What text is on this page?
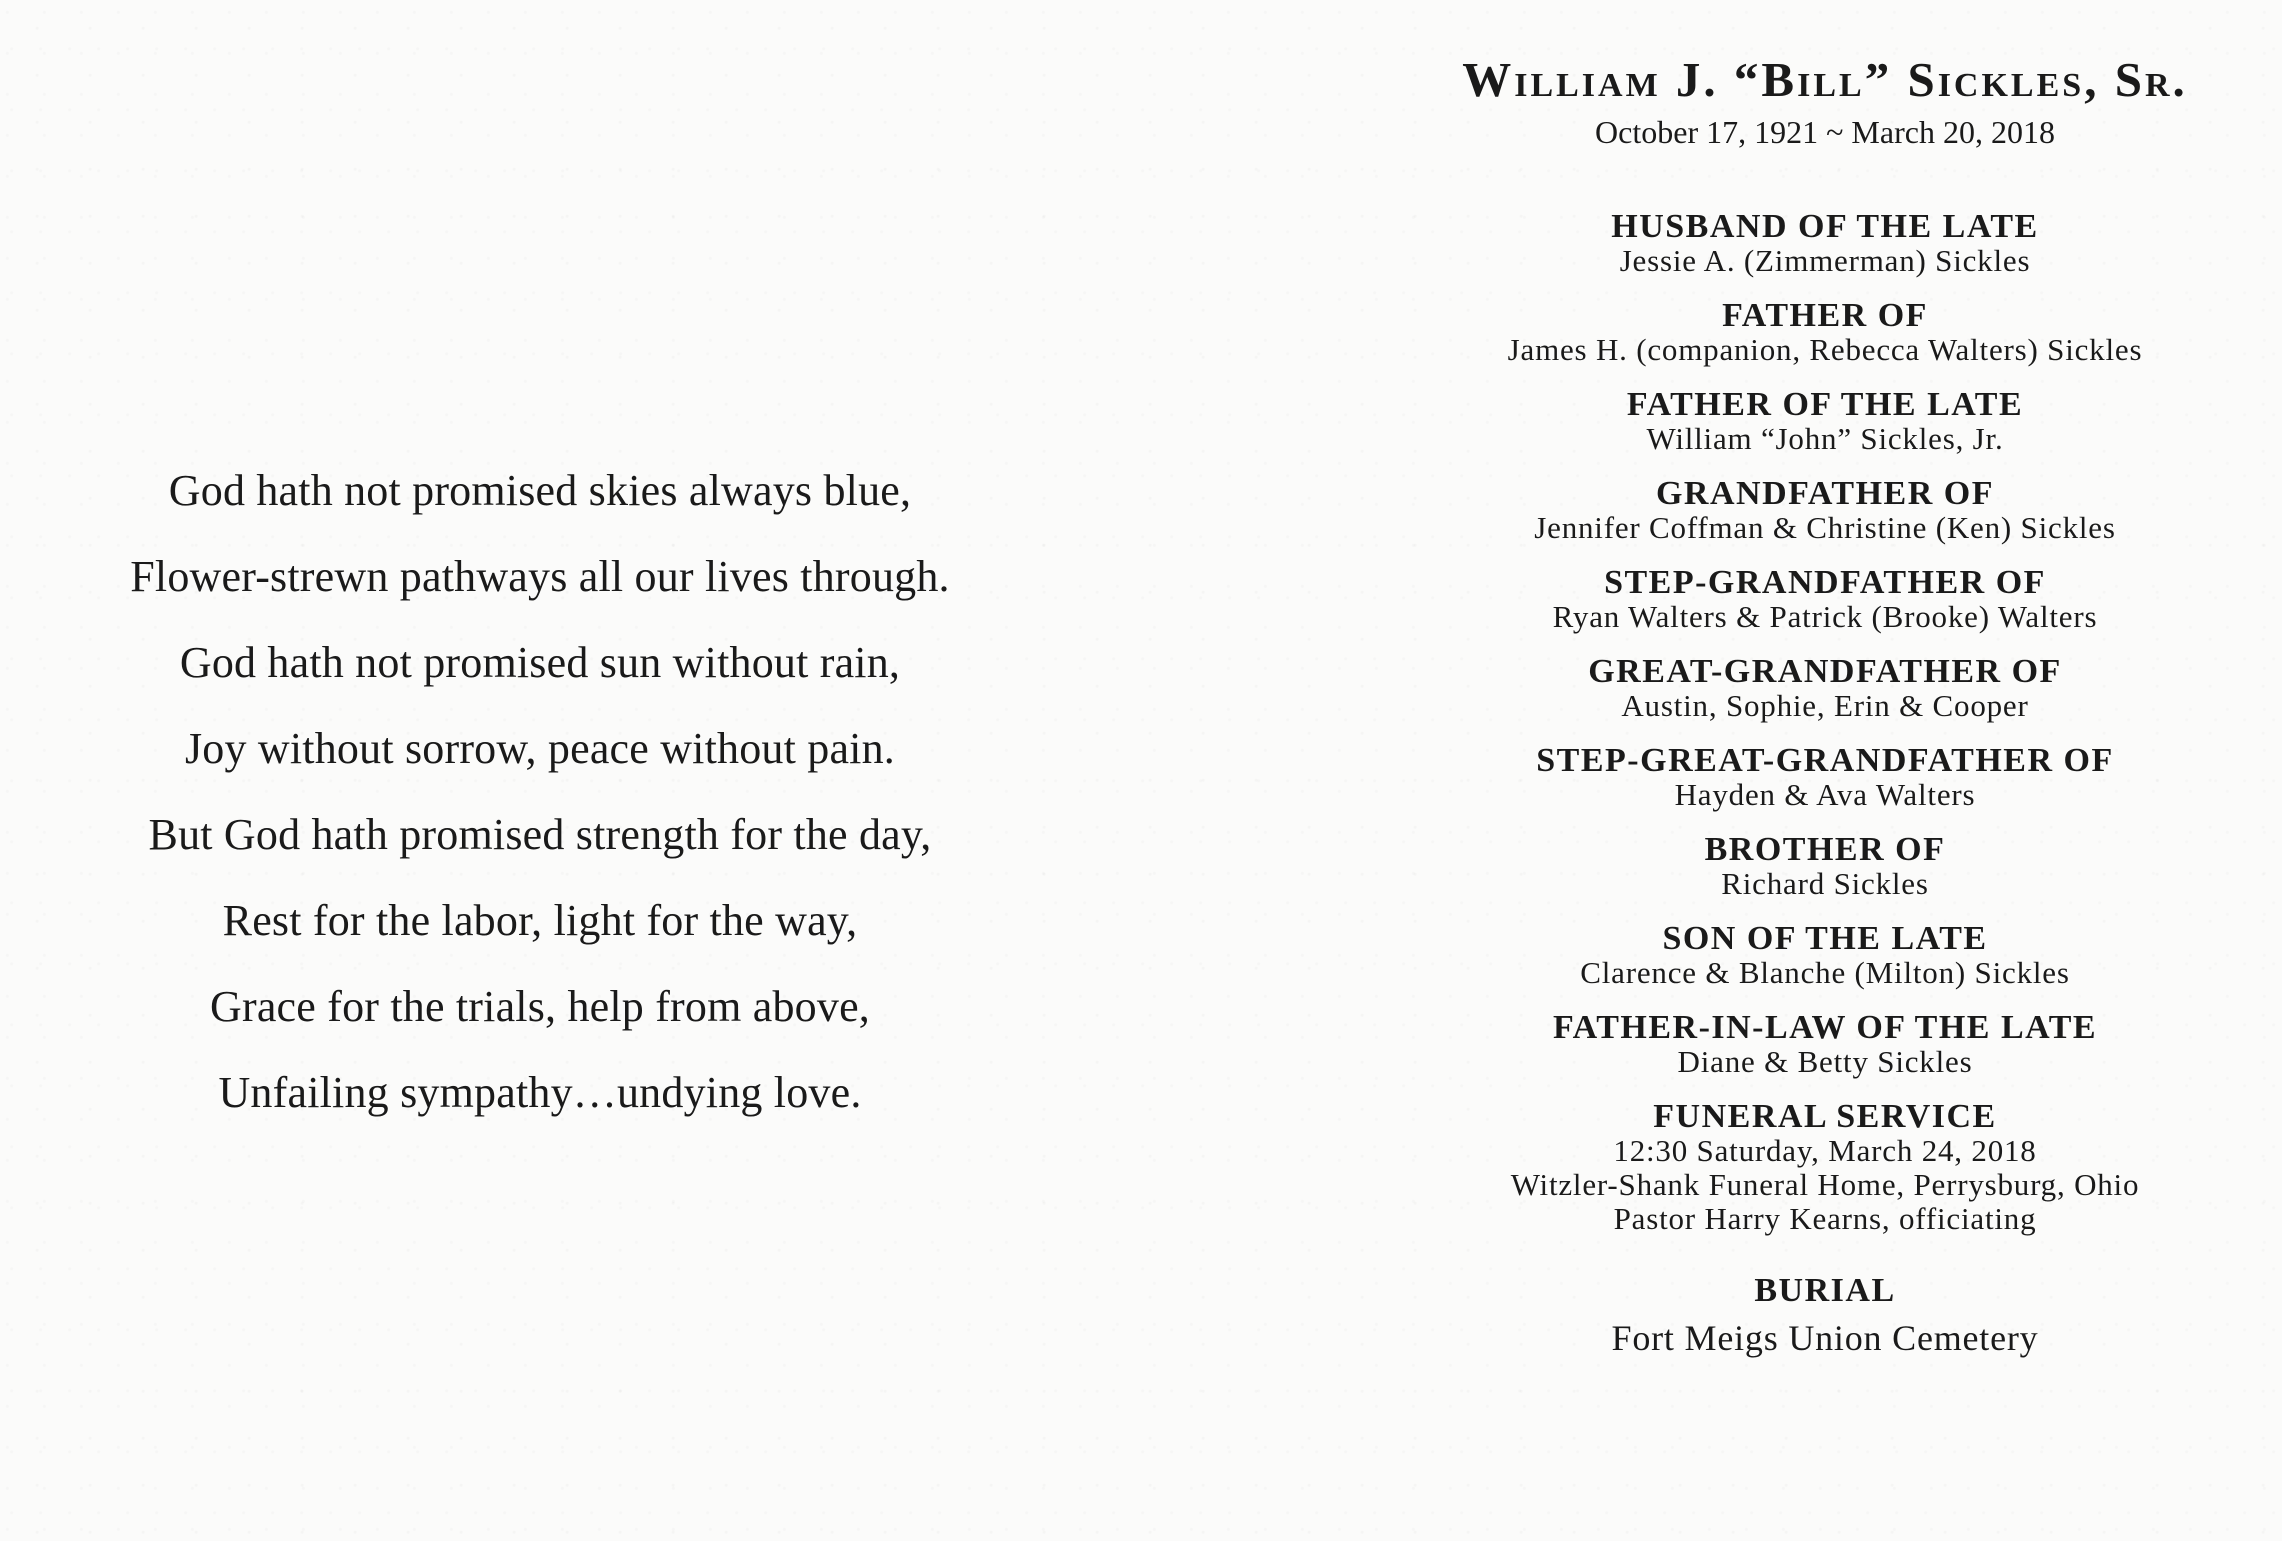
God hath not promised skies always blue,
Flower-strewn pathways all our lives through.
God hath not promised sun without rain,
Joy without sorrow, peace without pain.
But God hath promised strength for the day,
Rest for the labor, light for the way,
Grace for the trials, help from above,
Unfailing sympathy…undying love.
William J. “Bill” Sickles, Sr.
October 17, 1921 ~ March 20, 2018
HUSBAND OF THE LATE
Jessie A. (Zimmerman) Sickles
FATHER OF
James H. (companion, Rebecca Walters) Sickles
FATHER OF THE LATE
William “John” Sickles, Jr.
GRANDFATHER OF
Jennifer Coffman & Christine (Ken) Sickles
STEP-GRANDFATHER OF
Ryan Walters & Patrick (Brooke) Walters
GREAT-GRANDFATHER OF
Austin, Sophie, Erin & Cooper
STEP-GREAT-GRANDFATHER OF
Hayden & Ava Walters
BROTHER OF
Richard Sickles
SON OF THE LATE
Clarence & Blanche (Milton) Sickles
FATHER-IN-LAW OF THE LATE
Diane & Betty Sickles
FUNERAL SERVICE
12:30 Saturday, March 24, 2018
Witzler-Shank Funeral Home, Perrysburg, Ohio
Pastor Harry Kearns, officiating
BURIAL
Fort Meigs Union Cemetery
